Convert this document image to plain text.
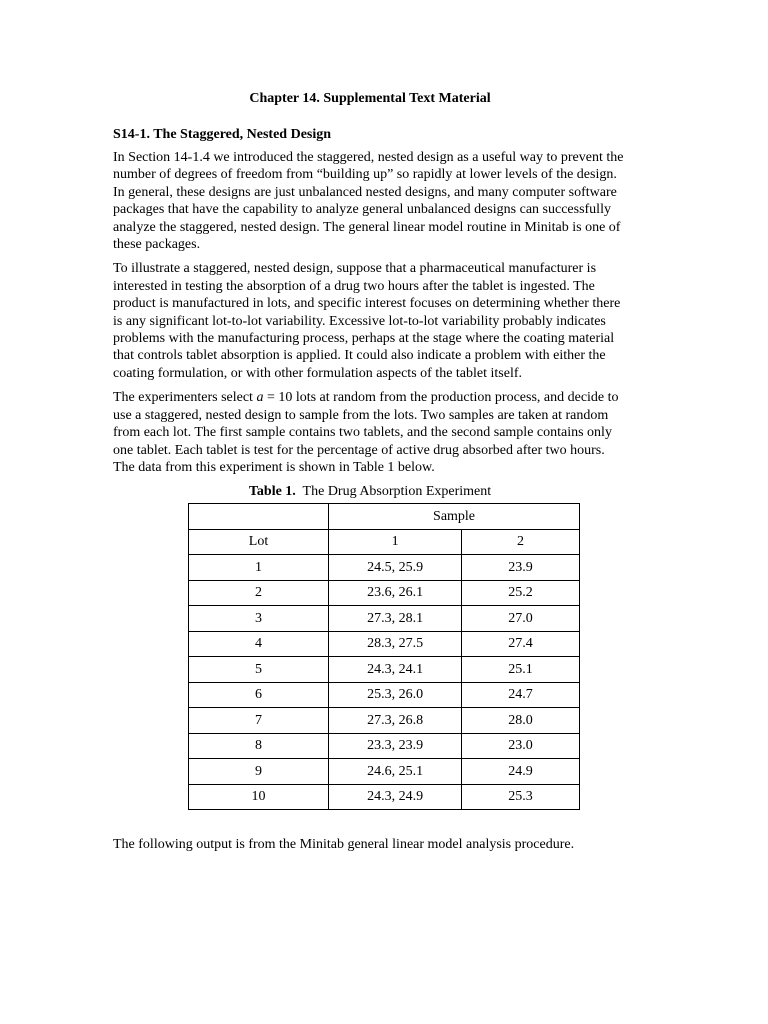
Chapter 14. Supplemental Text Material
S14-1. The Staggered, Nested Design

In Section 14-1.4 we introduced the staggered, nested design as a useful way to prevent the number of degrees of freedom from “building up” so rapidly at lower levels of the design. In general, these designs are just unbalanced nested designs, and many computer software packages that have the capability to analyze general unbalanced designs can successfully analyze the staggered, nested design. The general linear model routine in Minitab is one of these packages.

To illustrate a staggered, nested design, suppose that a pharmaceutical manufacturer is interested in testing the absorption of a drug two hours after the tablet is ingested. The product is manufactured in lots, and specific interest focuses on determining whether there is any significant lot-to-lot variability. Excessive lot-to-lot variability probably indicates problems with the manufacturing process, perhaps at the stage where the coating material that controls tablet absorption is applied. It could also indicate a problem with either the coating formulation, or with other formulation aspects of the tablet itself.

The experimenters select a = 10 lots at random from the production process, and decide to use a staggered, nested design to sample from the lots. Two samples are taken at random from each lot. The first sample contains two tablets, and the second sample contains only one tablet. Each tablet is test for the percentage of active drug absorbed after two hours. The data from this experiment is shown in Table 1 below.

Table 1.  The Drug Absorption Experiment
	Sample	
Lot	1	2
1	24.5, 25.9	23.9
2	23.6, 26.1	25.2
3	27.3, 28.1	27.0
4	28.3, 27.5	27.4
5	24.3, 24.1	25.1
6	25.3, 26.0	24.7
7	27.3, 26.8	28.0
8	23.3, 23.9	23.0
9	24.6, 25.1	24.9
10	24.3, 24.9	25.3
The following output is from the Minitab general linear model analysis procedure.
